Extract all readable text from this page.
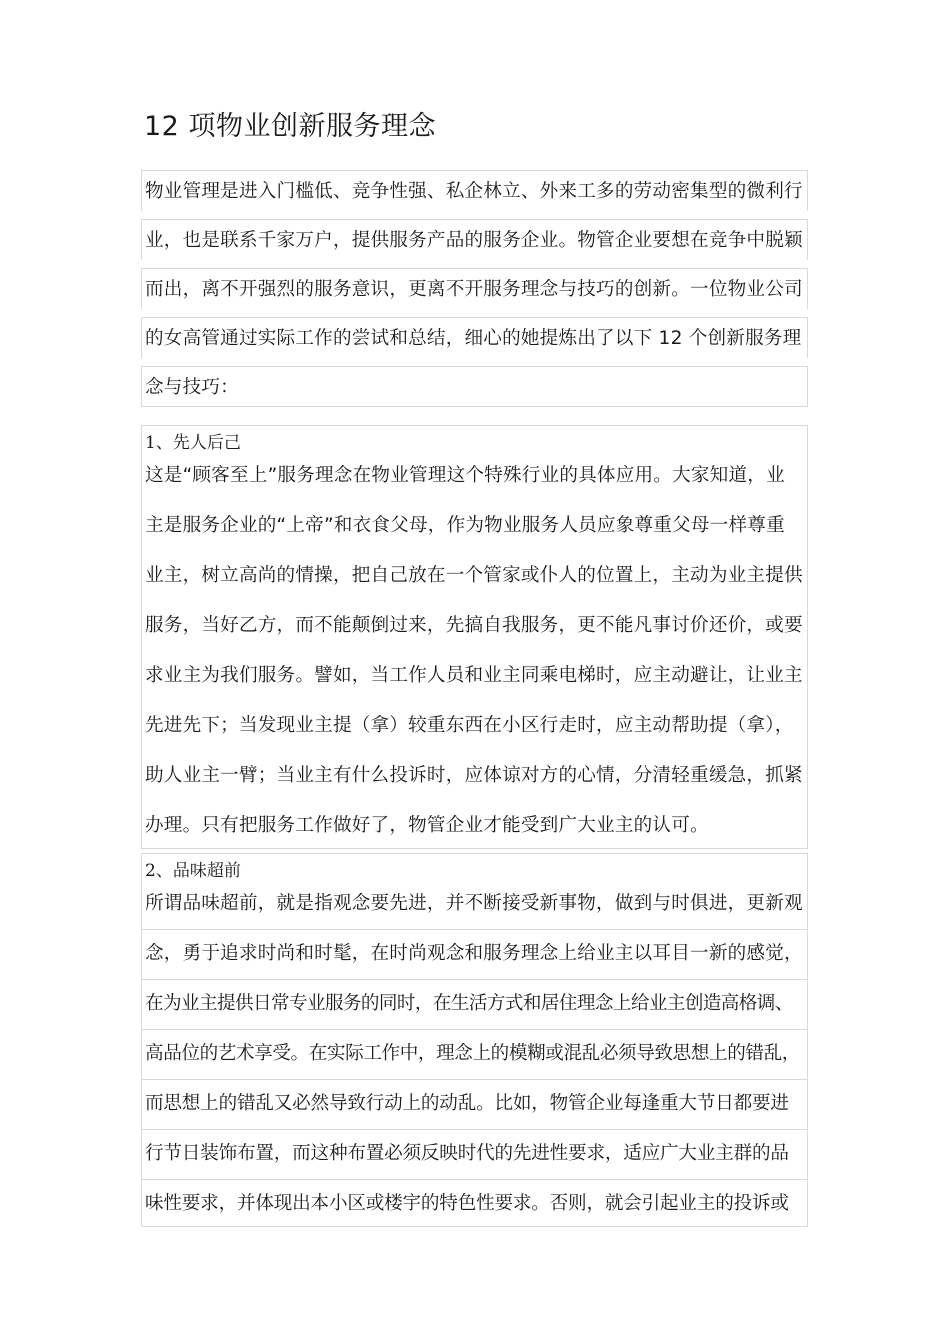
12 项物业创新服务理念
物业管理是进入门槛低、竞争性强、私企林立、外来工多的劳动密集型的微利行
业，也是联系千家万户，提供服务产品的服务企业。物管企业要想在竞争中脱颖
而出，离不开强烈的服务意识，更离不开服务理念与技巧的创新。一位物业公司
的女高管通过实际工作的尝试和总结，细心的她提炼出了以下 12 个创新服务理
念与技巧：
1、先人后己
这是“顾客至上”服务理念在物业管理这个特殊行业的具体应用。大家知道，业
主是服务企业的“上帝”和衣食父母，作为物业服务人员应象尊重父母一样尊重
业主，树立高尚的情操，把自己放在一个管家或仆人的位置上，主动为业主提供
服务，当好乙方，而不能颠倒过来，先搞自我服务，更不能凡事讨价还价，或要
求业主为我们服务。譬如，当工作人员和业主同乘电梯时，应主动避让，让业主
先进先下；当发现业主提（拿）较重东西在小区行走时，应主动帮助提（拿），
助人业主一臂；当业主有什么投诉时，应体谅对方的心情，分清轻重缓急，抓紧
办理。只有把服务工作做好了，物管企业才能受到广大业主的认可。
2、品味超前
所谓品味超前，就是指观念要先进，并不断接受新事物，做到与时俱进，更新观
念，勇于追求时尚和时髦，在时尚观念和服务理念上给业主以耳目一新的感觉，
在为业主提供日常专业服务的同时，在生活方式和居住理念上给业主创造高格调、
高品位的艺术享受。在实际工作中，理念上的模糊或混乱必须导致思想上的错乱，
而思想上的错乱又必然导致行动上的动乱。比如，物管企业每逢重大节日都要进
行节日装饰布置，而这种布置必须反映时代的先进性要求，适应广大业主群的品
味性要求，并体现出本小区或楼宇的特色性要求。否则，就会引起业主的投诉或
